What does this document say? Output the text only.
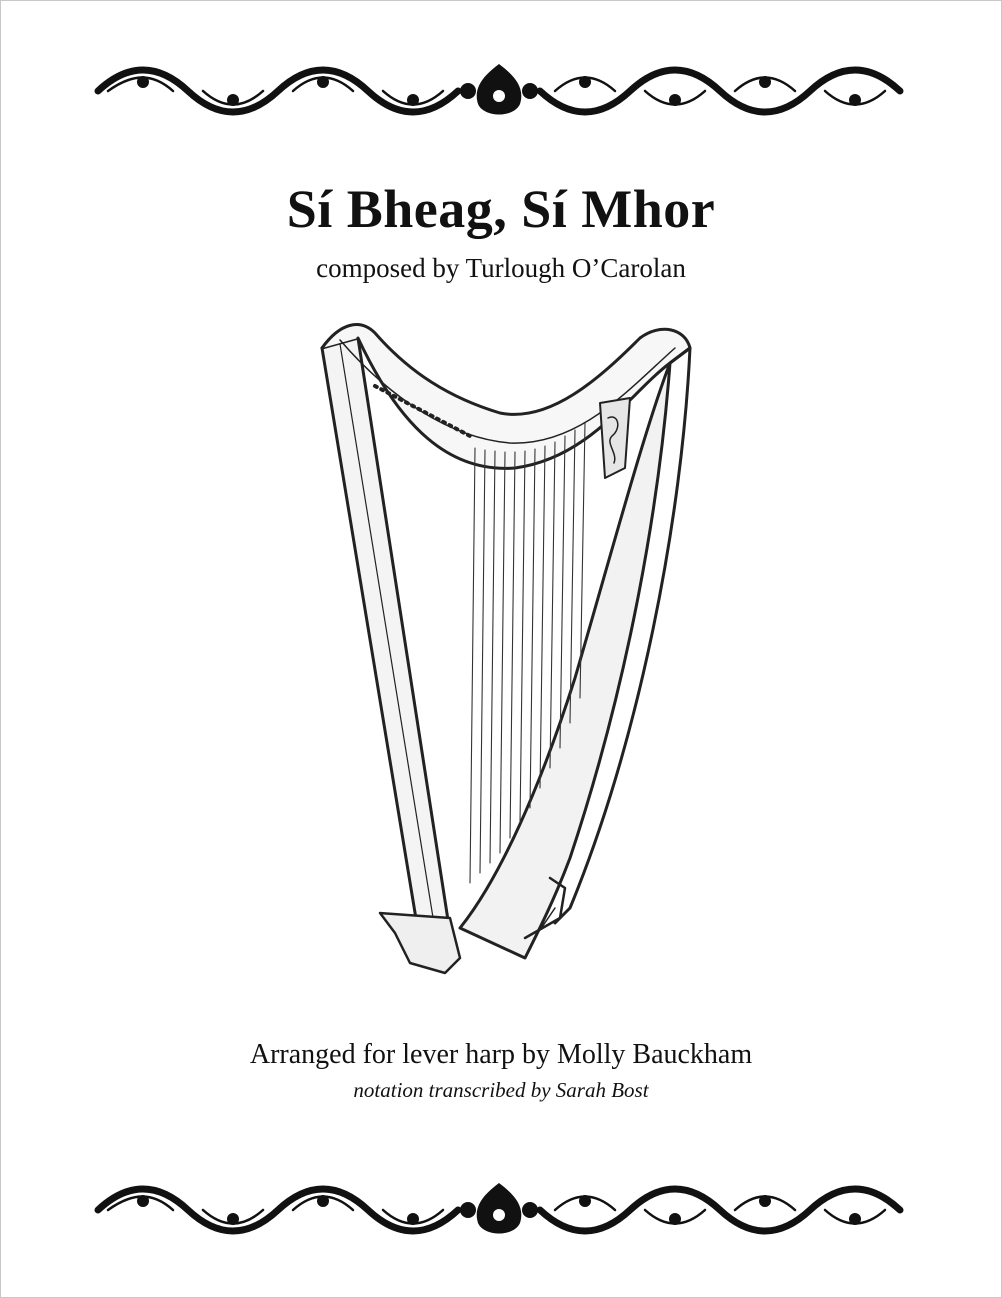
Sí Bheag, Sí Mhor
composed by Turlough O’Carolan
Arranged for lever harp by Molly Bauckham
notation transcribed by Sarah Bost
